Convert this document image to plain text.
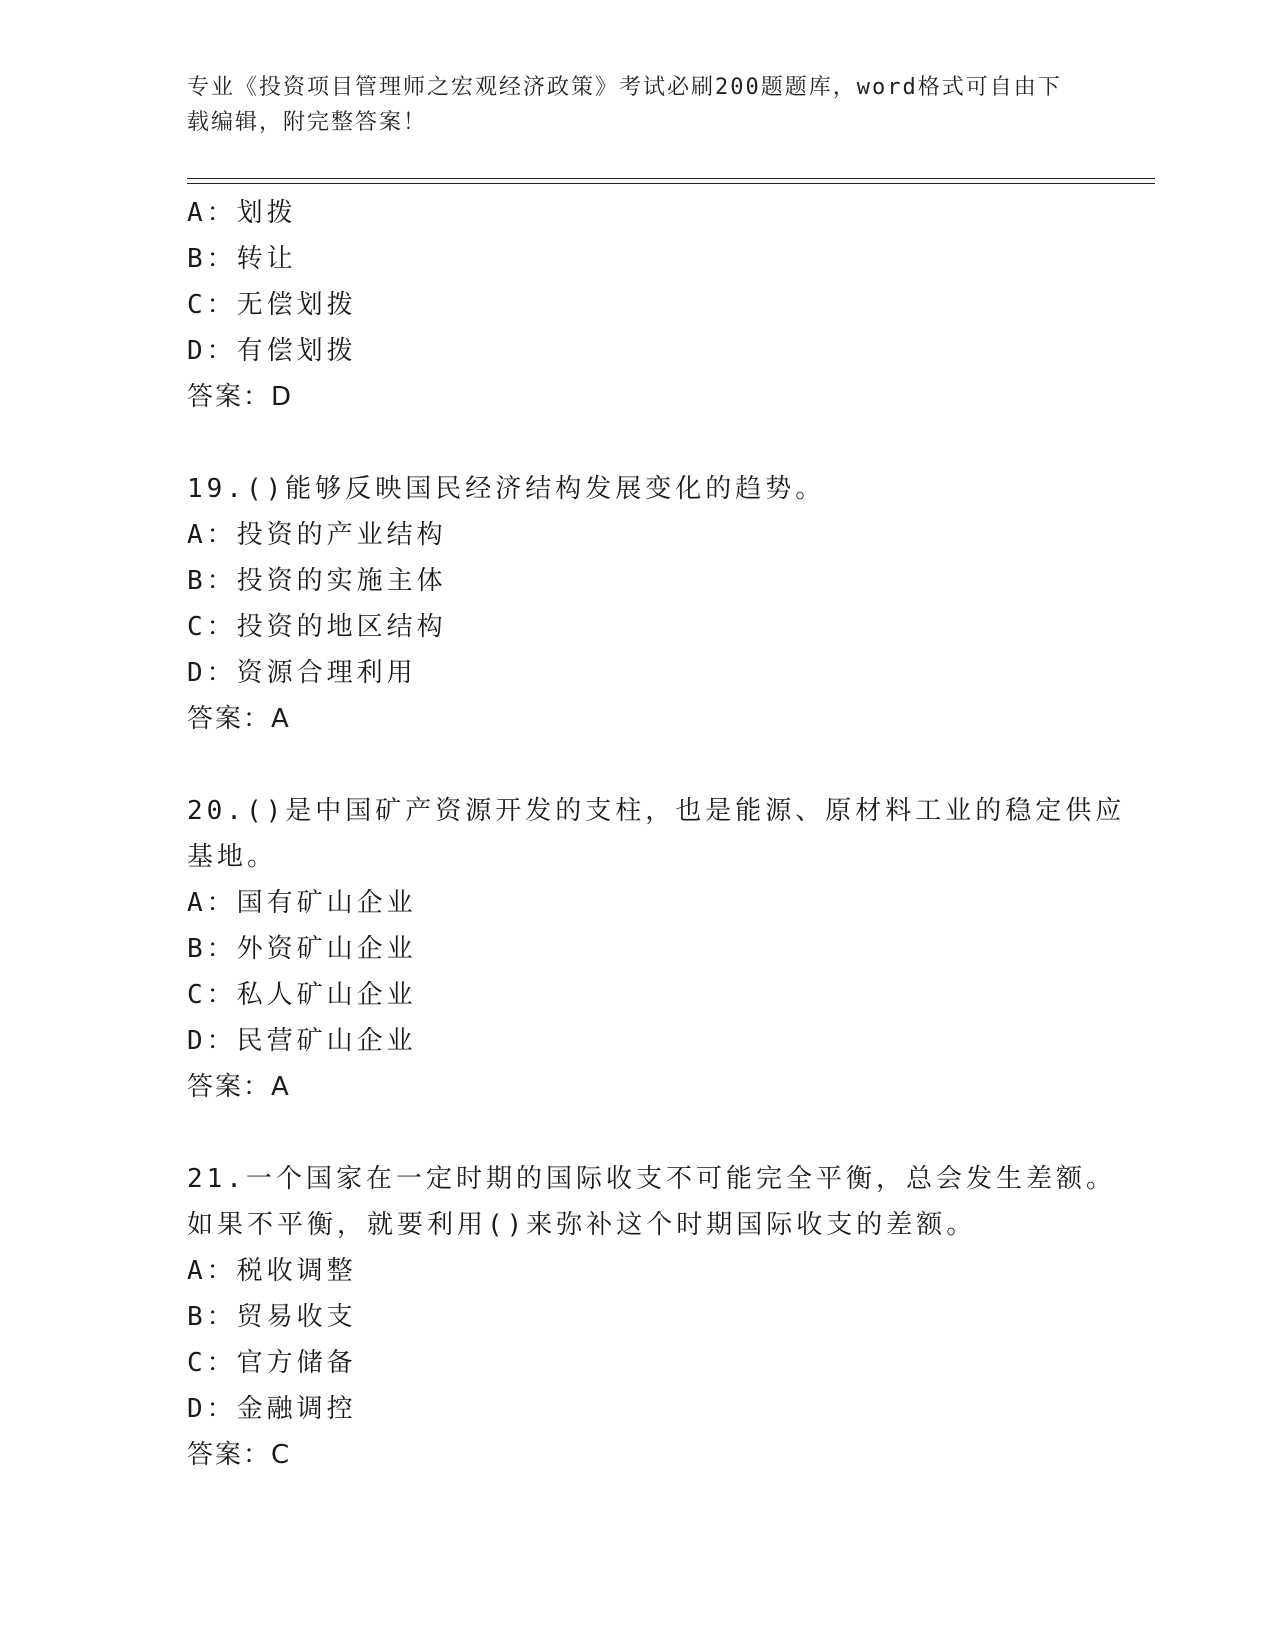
专业《投资项目管理师之宏观经济政策》考试必刷200题题库，word格式可自由下载编辑，附完整答案！
A：划拨
B：转让
C：无偿划拨
D：有偿划拨
答案：D
19.()能够反映国民经济结构发展变化的趋势。
A：投资的产业结构
B：投资的实施主体
C：投资的地区结构
D：资源合理利用
答案：A
20.()是中国矿产资源开发的支柱，也是能源、原材料工业的稳定供应
基地。
A：国有矿山企业
B：外资矿山企业
C：私人矿山企业
D：民营矿山企业
答案：A
21.一个国家在一定时期的国际收支不可能完全平衡，总会发生差额。
如果不平衡，就要利用()来弥补这个时期国际收支的差额。
A：税收调整
B：贸易收支
C：官方储备
D：金融调控
答案：C
